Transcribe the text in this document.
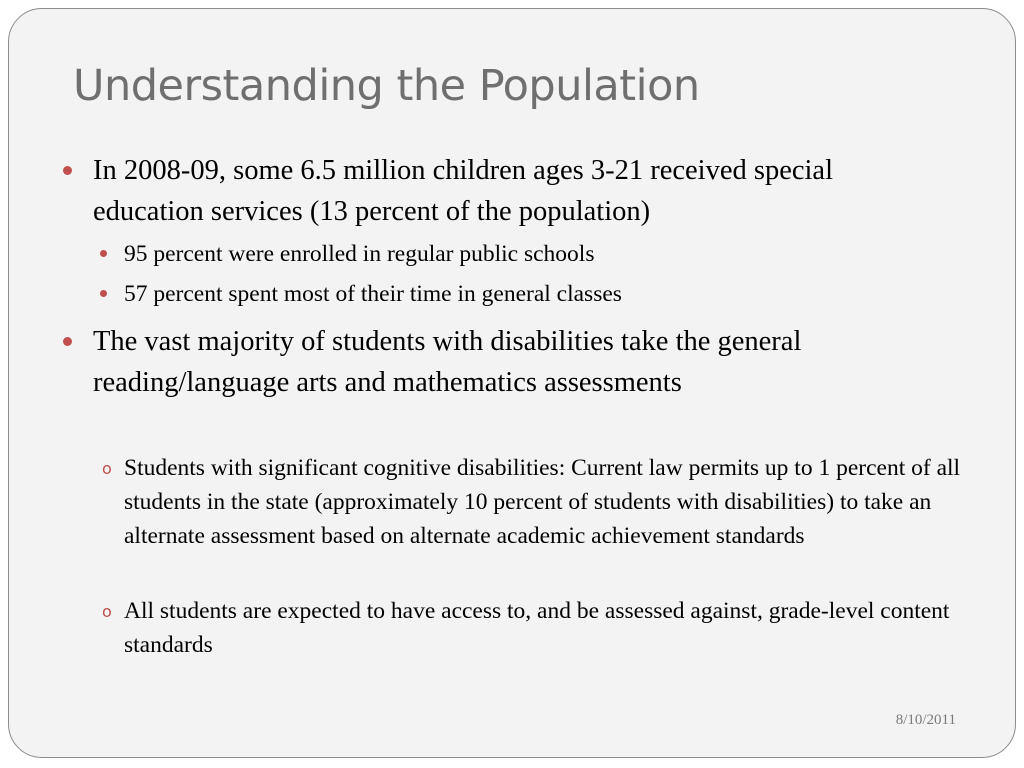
Understanding the Population
In 2008-09, some 6.5 million children ages 3-21 received special education services (13 percent of the population)
95 percent were enrolled in regular public schools
57 percent spent most of their time in general classes
The vast majority of students with disabilities take the general reading/language arts and mathematics assessments
o Students with significant cognitive disabilities: Current law permits up to 1 percent of all students in the state (approximately 10 percent of students with disabilities) to take an alternate assessment based on alternate academic achievement standards
o All students are expected to have access to, and be assessed against, grade-level content standards
8/10/2011
